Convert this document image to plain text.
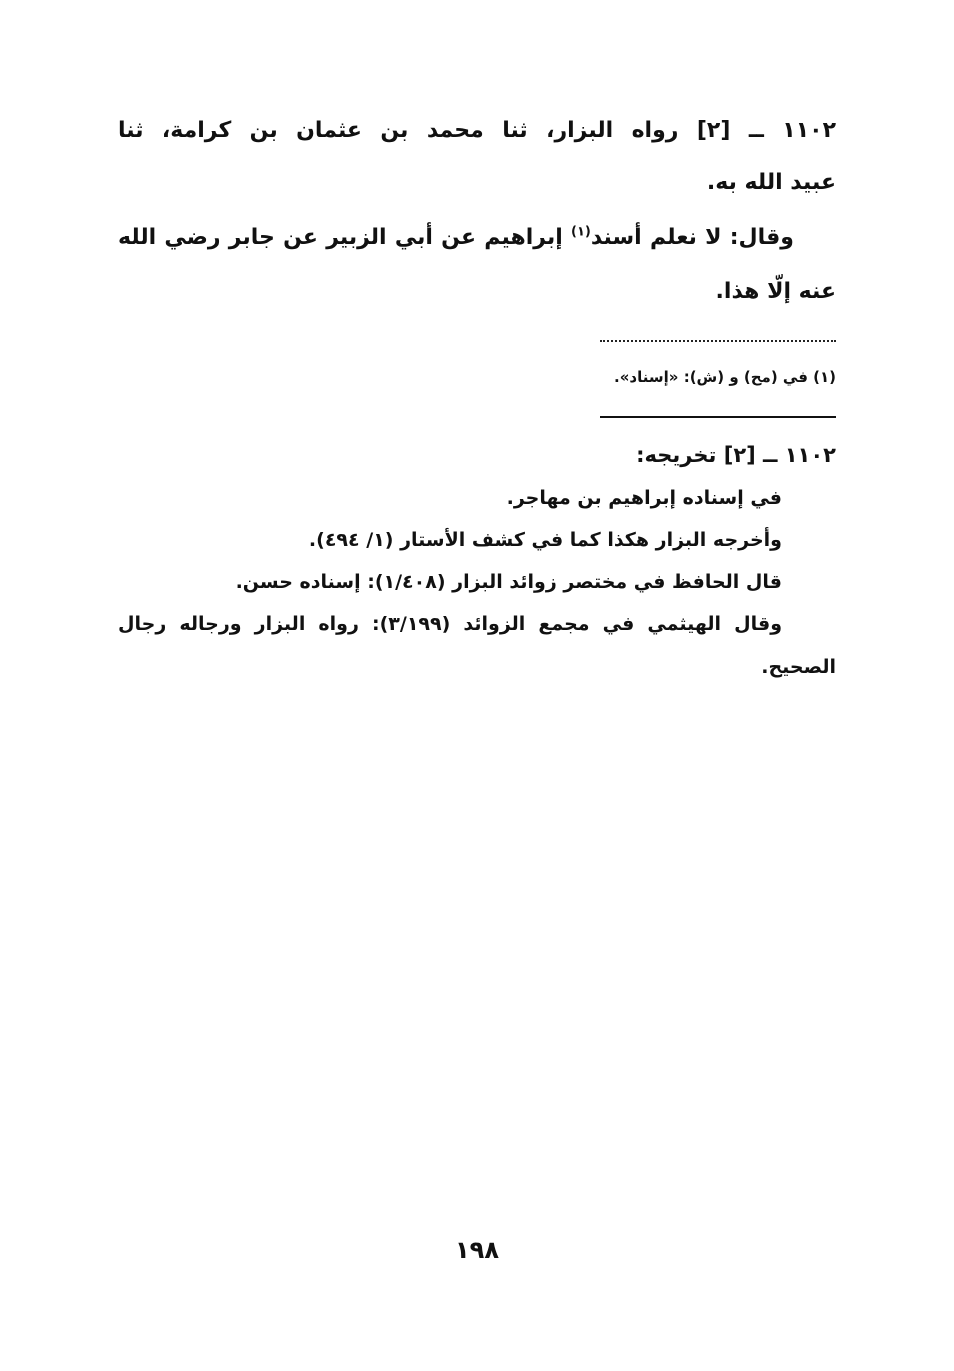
١١٠٢ ــ [٢] رواه البزار، ثنا محمد بن عثمان بن كرامة، ثنا
عبيد الله به.
وقال: لا نعلم أسند$^{(١)}$ إبراهيم عن أبي الزبير عن جابر رضي الله
عنه إلّا هذا.
(١) في (مح) و (ش): «إسناد».
١١٠٢ ــ [٢] تخريجه:
في إسناده إبراهيم بن مهاجر.
وأخرجه البزار هكذا كما في كشف الأستار (١/ ٤٩٤).
قال الحافظ في مختصر زوائد البزار (١/٤٠٨): إسناده حسن.
وقال الهيثمي في مجمع الزوائد (٣/١٩٩): رواه البزار ورجاله رجال
الصحيح.
١٩٨
